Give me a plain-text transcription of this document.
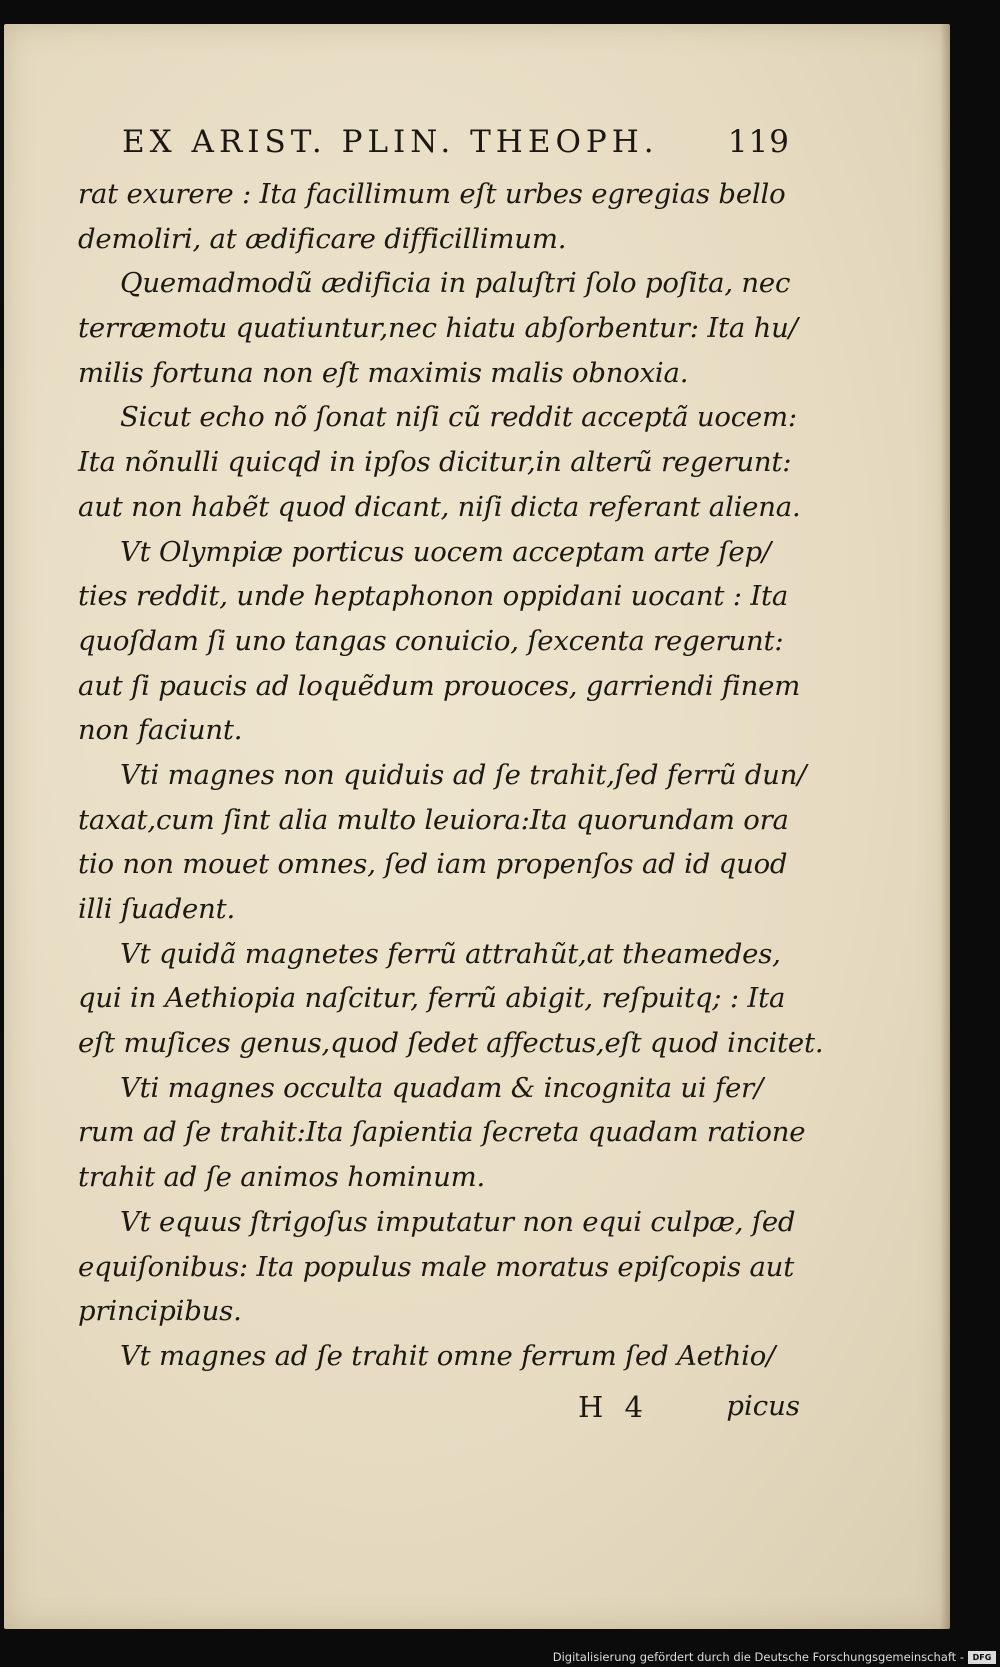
EX ARIST. PLIN. THEOPH. 119
rat exurere : Ita facillimum eſt urbes egregias bello
demoliri, at ædificare difficillimum.
Quemadmodũ ædificia in paluſtri ſolo poſita, nec
terræmotu quatiuntur,nec hiatu abſorbentur: Ita hu/
milis fortuna non eſt maximis malis obnoxia.
Sicut echo nõ ſonat niſi cũ reddit acceptã uocem:
Ita nõnulli quicqd in ipſos dicitur,in alterũ regerunt:
aut non habẽt quod dicant, niſi dicta referant aliena.
Vt Olympiæ porticus uocem acceptam arte ſep/
ties reddit, unde heptaphonon oppidani uocant : Ita
quoſdam ſi uno tangas conuicio, ſexcenta regerunt:
aut ſi paucis ad loquẽdum prouoces, garriendi finem
non faciunt.
Vti magnes non quiduis ad ſe trahit,ſed ferrũ dun/
taxat,cum ſint alia multo leuiora:Ita quorundam ora
tio non mouet omnes, ſed iam propenſos ad id quod
illi ſuadent.
Vt quidã magnetes ferrũ attrahũt,at theamedes,
qui in Aethiopia naſcitur, ferrũ abigit, reſpuitq; : Ita
eſt muſices genus,quod ſedet affectus,eſt quod incitet.
Vti magnes occulta quadam & incognita ui fer/
rum ad ſe trahit:Ita ſapientia ſecreta quadam ratione
trahit ad ſe animos hominum.
Vt equus ſtrigoſus imputatur non equi culpæ, ſed
equiſonibus: Ita populus male moratus epiſcopis aut
principibus.
Vt magnes ad ſe trahit omne ferrum ſed Aethio/
H 4	picus
Digitalisierung gefördert durch die Deutsche Forschungsgemeinschaft - DFG
